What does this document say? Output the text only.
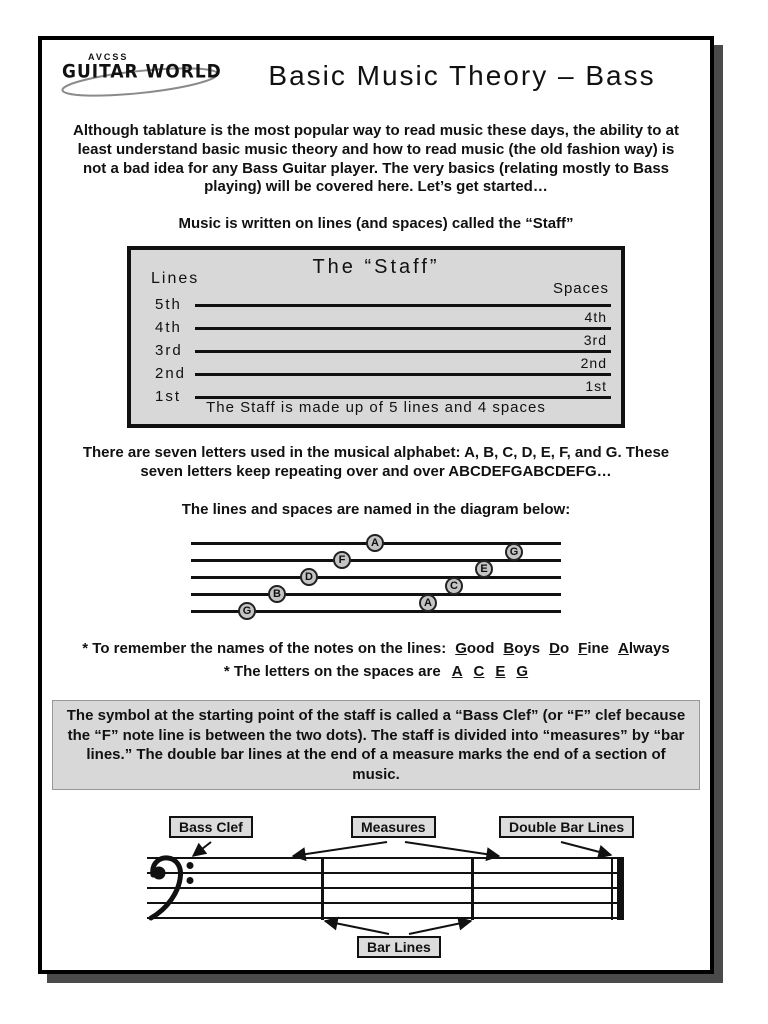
AVCSS
GUITAR WORLD	Basic Music Theory – Bass
Although tablature is the most popular way to read music these days, the ability to at least understand basic music theory and how to read music (the old fashion way) is not a bad idea for any Bass Guitar player. The very basics (relating mostly to Bass playing) will be covered here. Let’s get started…
Music is written on lines (and spaces) called the “Staff”
The “Staff”
Lines
Spaces
5th
4th
3rd
2nd
1st
4th
3rd
2nd
1st
The Staff is made up of 5 lines and 4 spaces
There are seven letters used in the musical alphabet: A, B, C, D, E, F, and G. These seven letters keep repeating over and over ABCDEFGABCDEFG…
The lines and spaces are named in the diagram below:
G
B
D
F
A
A
C
E
G
* To remember the names of the notes on the lines: Good Boys Do Fine Always
* The letters on the spaces are A C E G
The symbol at the starting point of the staff is called a “Bass Clef” (or “F” clef because the “F” note line is between the two dots). The staff is divided into “measures” by “bar lines.” The double bar lines at the end of a measure marks the end of a section of music.
Bass Clef	Measures	Double Bar Lines
Bar Lines
